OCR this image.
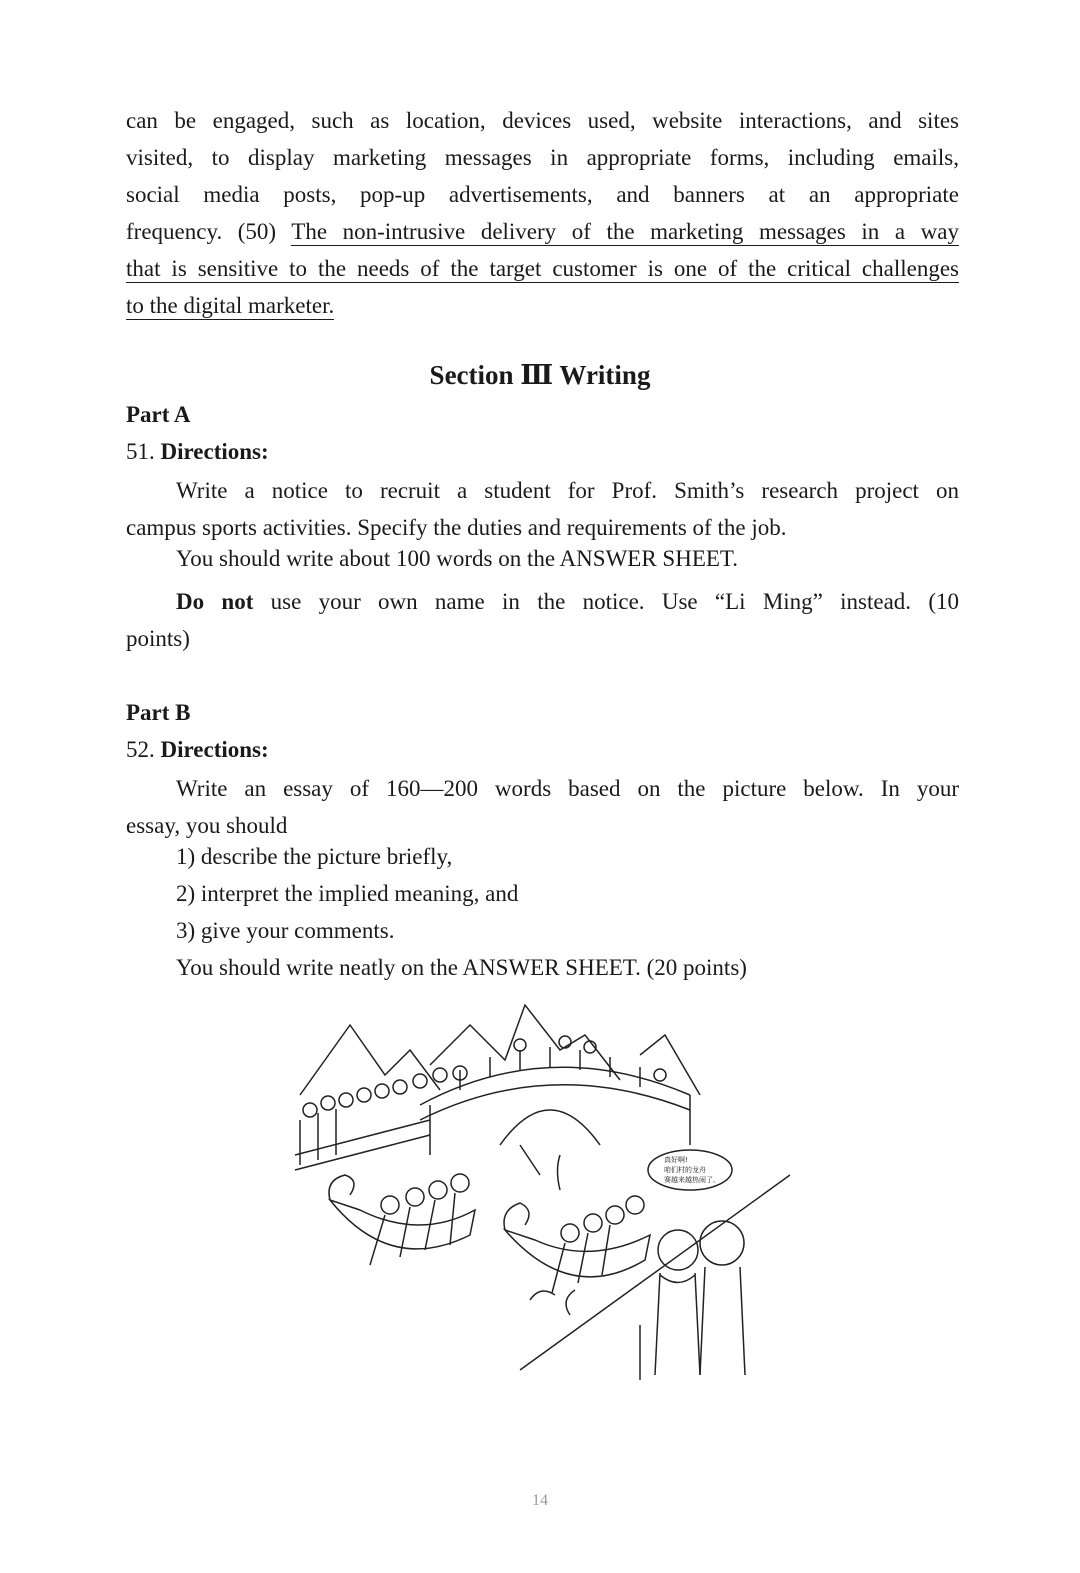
can be engaged, such as location, devices used, website interactions, and sites
visited, to display marketing messages in appropriate forms, including emails,
social media posts, pop-up advertisements, and banners at an appropriate
frequency. (50) The non-intrusive delivery of the marketing messages in a way
that is sensitive to the needs of the target customer is one of the critical challenges
to the digital marketer.
Section Ⅲ Writing
Part A
51. Directions:
Write a notice to recruit a student for Prof. Smith’s research project on
campus sports activities. Specify the duties and requirements of the job.
You should write about 100 words on the ANSWER SHEET.
Do not use your own name in the notice. Use “Li Ming” instead. (10
points)
Part B
52. Directions:
Write an essay of 160—200 words based on the picture below. In your
essay, you should
1) describe the picture briefly,
2) interpret the implied meaning, and
3) give your comments.
You should write neatly on the ANSWER SHEET. (20 points)
真好啊!
咱们村的龙舟
赛越来越热闹了。
14
